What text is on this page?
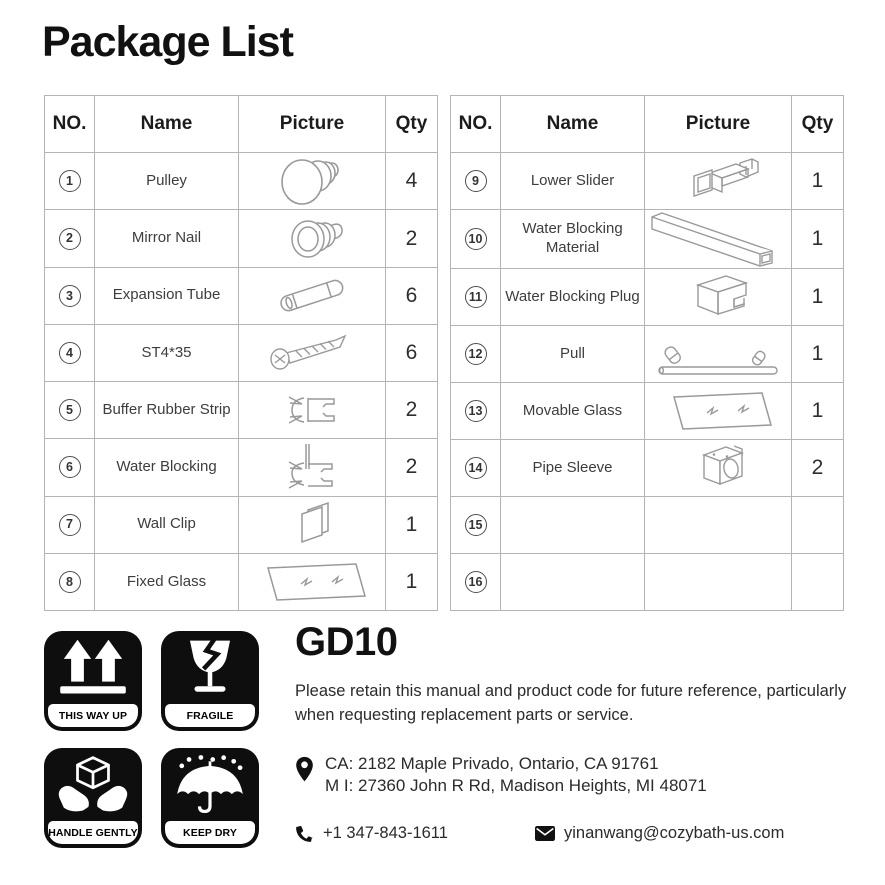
Package List
NO.	Name	Picture	Qty
1	Pulley		4
2	Mirror Nail		2
3	Expansion Tube		6
4	ST4*35		6
5	Buffer Rubber Strip		2
6	Water Blocking		2
7	Wall Clip		1
8	Fixed Glass		1
NO.	Name	Picture	Qty
9	Lower Slider		1
10	Water Blocking Material		1
11	Water Blocking Plug		1
12	Pull		1
13	Movable Glass		1
14	Pipe Sleeve		2
15			
16			
THIS WAY UP	FRAGILE
HANDLE GENTLY	KEEP DRY
GD10
Please retain this manual and product code for future reference, particularly when requesting replacement parts or service.
CA: 2182 Maple Privado, Ontario, CA 91761
M I: 27360 John R Rd, Madison Heights, MI 48071
+1 347-843-1611	yinanwang@cozybath-us.com
